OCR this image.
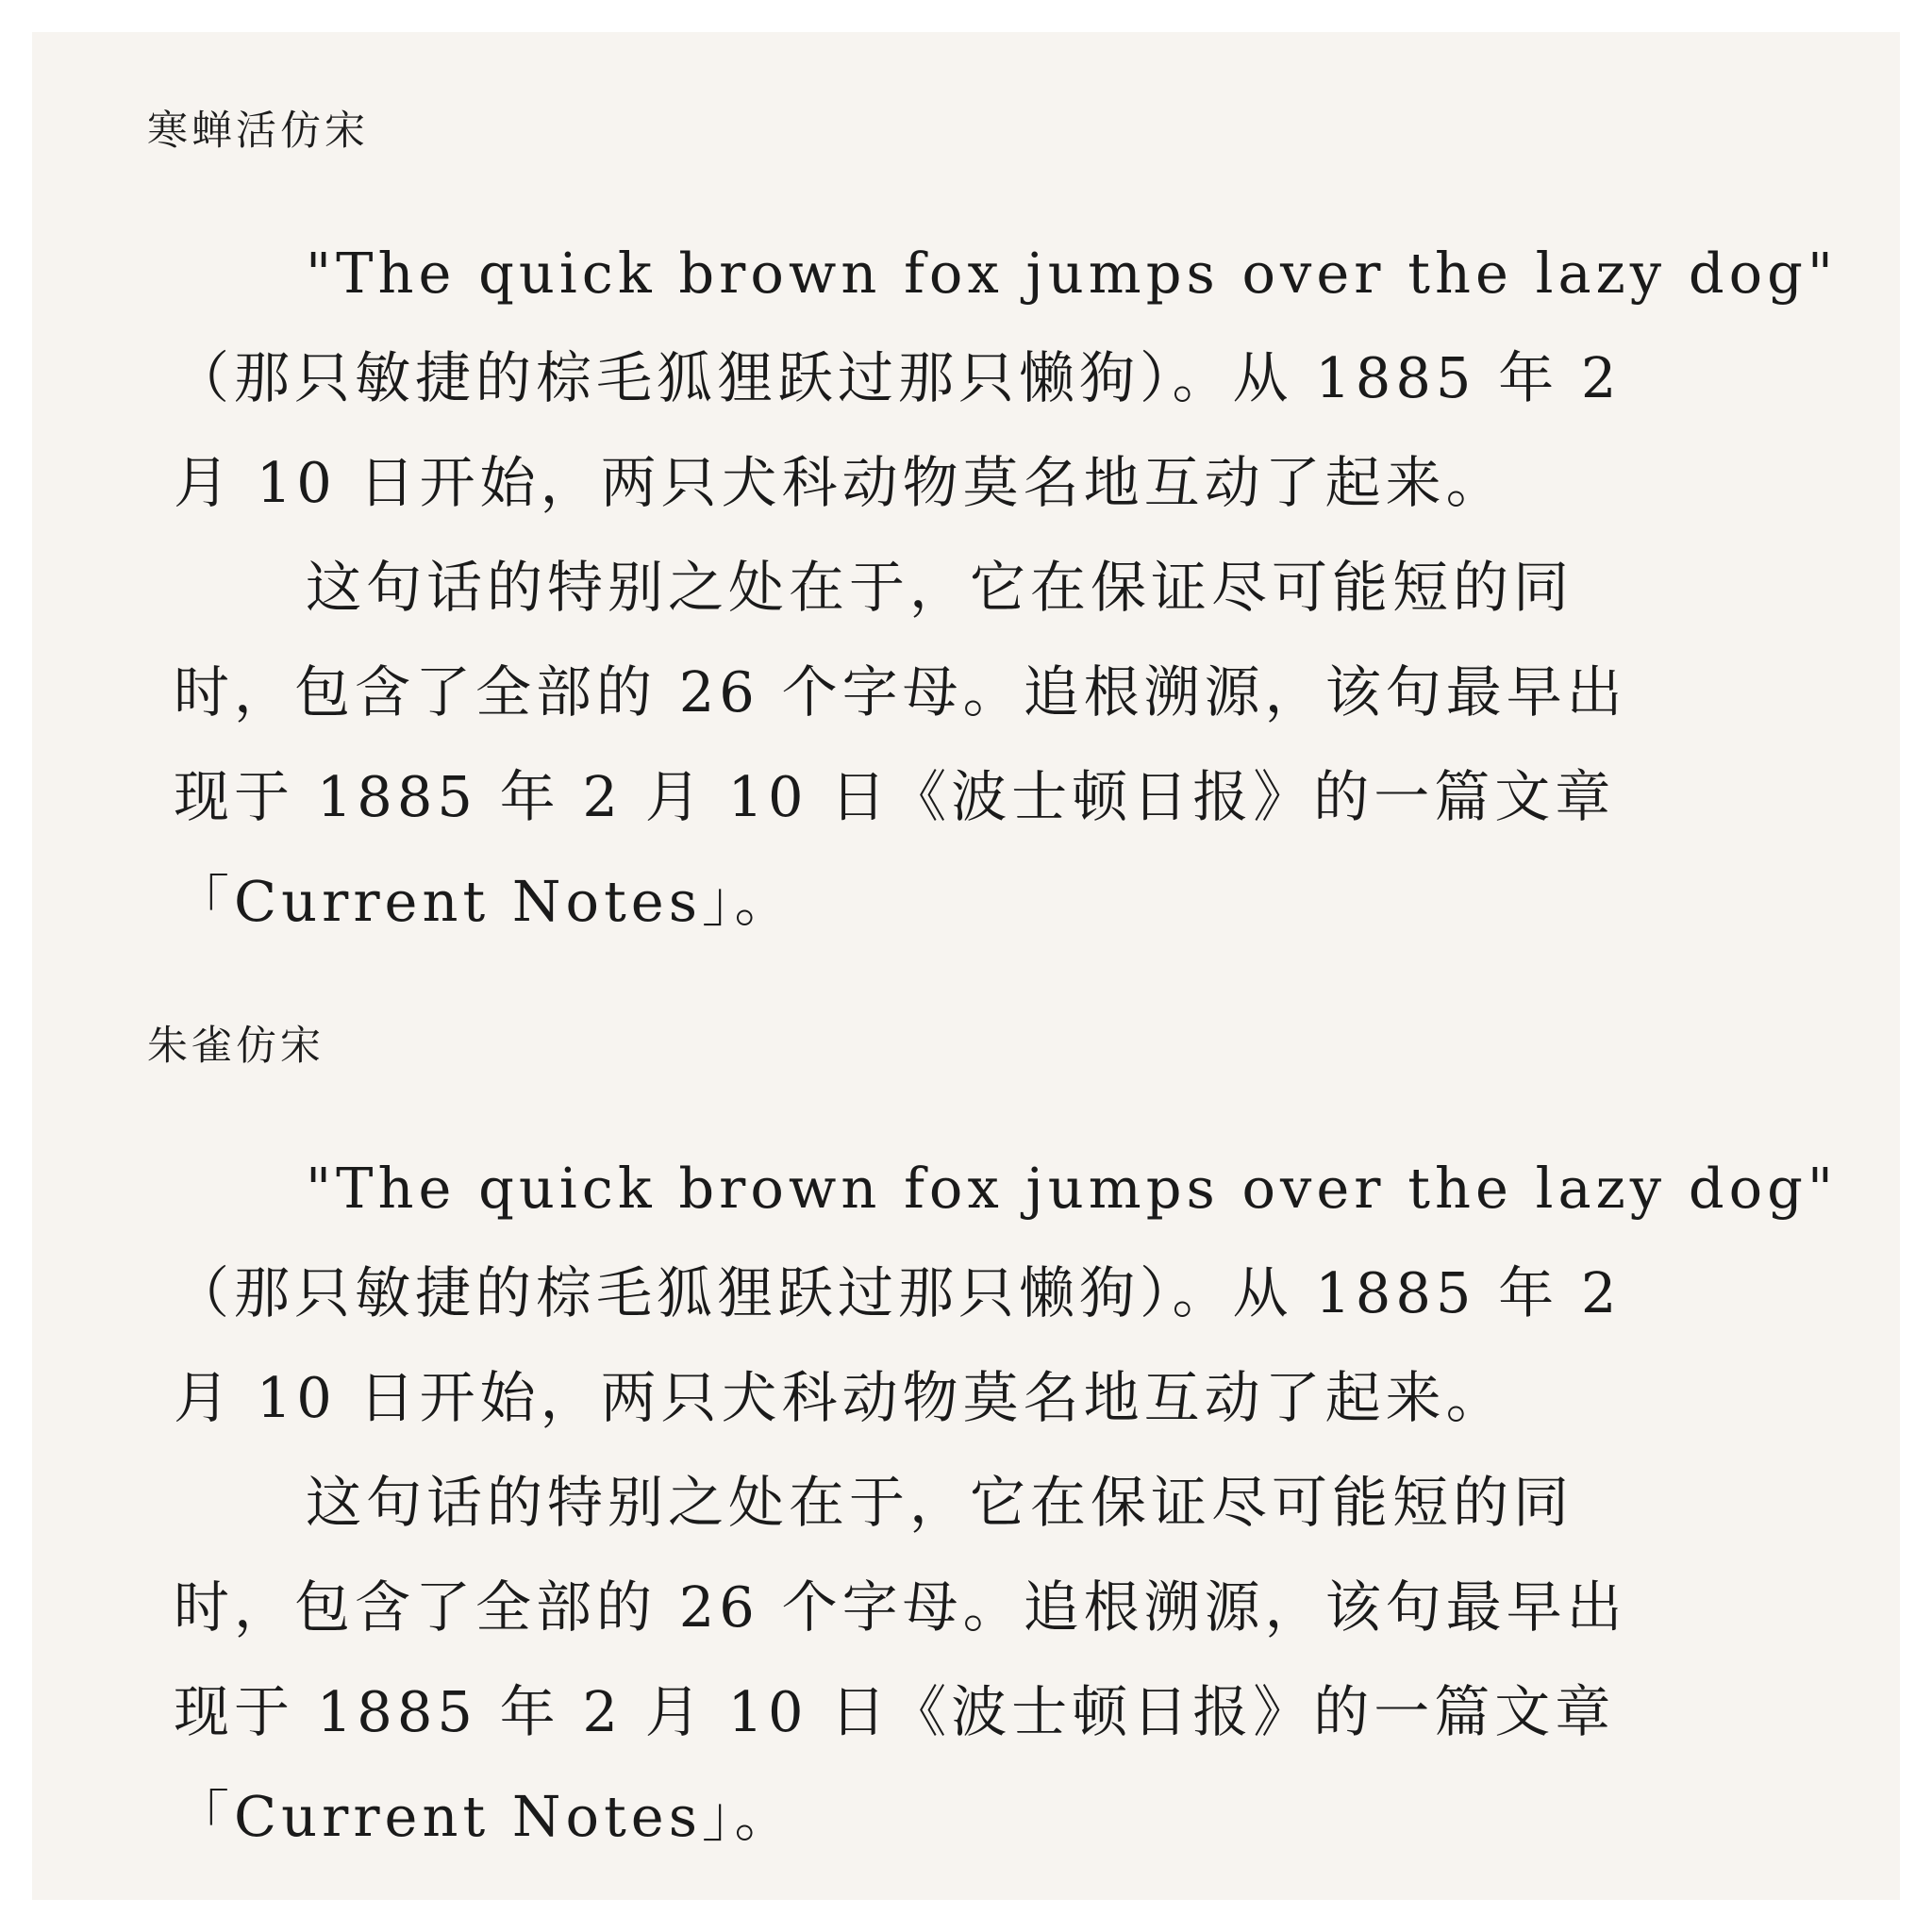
寒蝉活仿宋

"The quick brown fox jumps over the lazy dog"
（那只敏捷的棕毛狐狸跃过那只懒狗）。从 1885 年 2
月 10 日开始，两只犬科动物莫名地互动了起来。
这句话的特别之处在于，它在保证尽可能短的同
时，包含了全部的 26 个字母。追根溯源，该句最早出
现于 1885 年 2 月 10 日《波士顿日报》的一篇文章
「Current Notes」。

朱雀仿宋

"The quick brown fox jumps over the lazy dog"
（那只敏捷的棕毛狐狸跃过那只懒狗）。从 1885 年 2
月 10 日开始，两只犬科动物莫名地互动了起来。
这句话的特别之处在于，它在保证尽可能短的同
时，包含了全部的 26 个字母。追根溯源，该句最早出
现于 1885 年 2 月 10 日《波士顿日报》的一篇文章
「Current Notes」。
